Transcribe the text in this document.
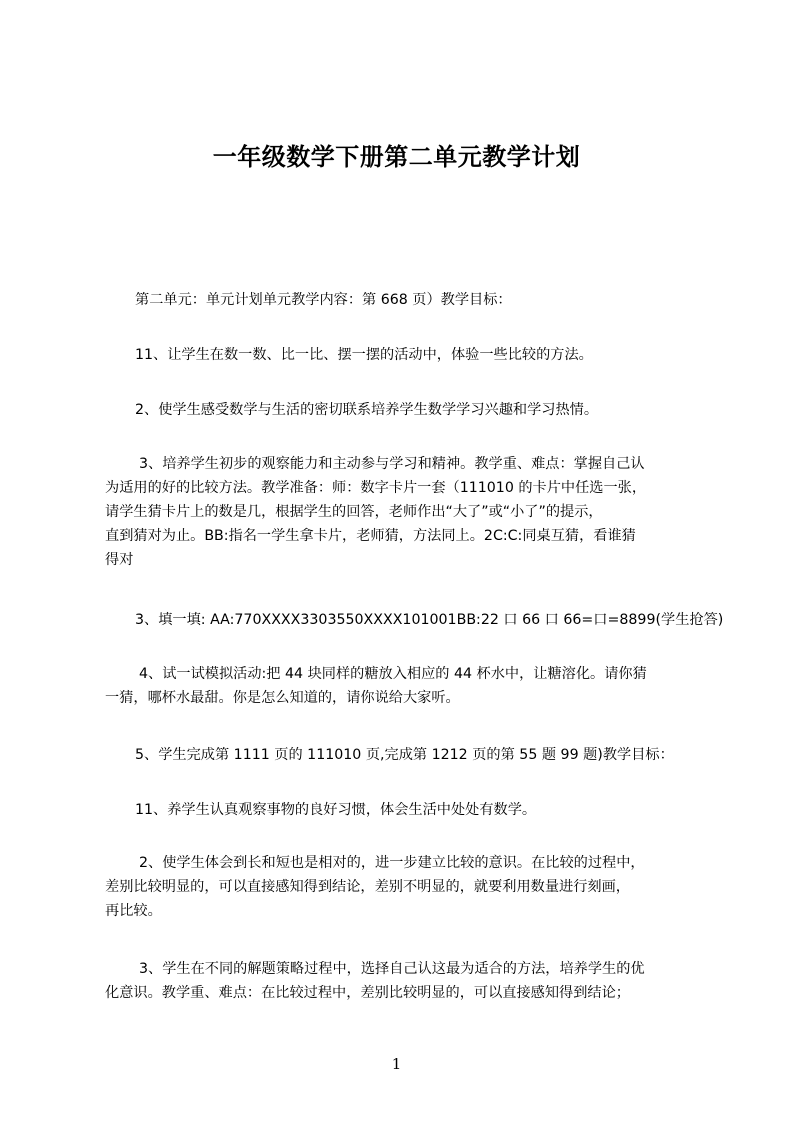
一年级数学下册第二单元教学计划

第二单元：单元计划单元教学内容：第 668 页）教学目标：

11、让学生在数一数、比一比、摆一摆的活动中，体验一些比较的方法。

2、使学生感受数学与生活的密切联系培养学生数学学习兴趣和学习热情。

3、培养学生初步的观察能力和主动参与学习和精神。教学重、难点：掌握自己认
为适用的好的比较方法。教学准备：师：数字卡片一套（111010 的卡片中任选一张，
请学生猜卡片上的数是几，根据学生的回答，老师作出“大了”或“小了”的提示，
直到猜对为止。BB:指名一学生拿卡片，老师猜，方法同上。2C:C:同桌互猜，看谁猜
得对

3、填一填: AA:770XXXX3303550XXXX101001BB:22 口 66 口 66=口=8899(学生抢答)

4、试一试模拟活动:把 44 块同样的糖放入相应的 44 杯水中，让糖溶化。请你猜
一猜，哪杯水最甜。你是怎么知道的，请你说给大家听。

5、学生完成第 1111 页的 111010 页,完成第 1212 页的第 55 题 99 题)教学目标：

11、养学生认真观察事物的良好习惯，体会生活中处处有数学。

2、使学生体会到长和短也是相对的，进一步建立比较的意识。在比较的过程中，
差别比较明显的，可以直接感知得到结论，差别不明显的，就要利用数量进行刻画，
再比较。

3、学生在不同的解题策略过程中，选择自己认这最为适合的方法，培养学生的优
化意识。教学重、难点：在比较过程中，差别比较明显的，可以直接感知得到结论；

1
